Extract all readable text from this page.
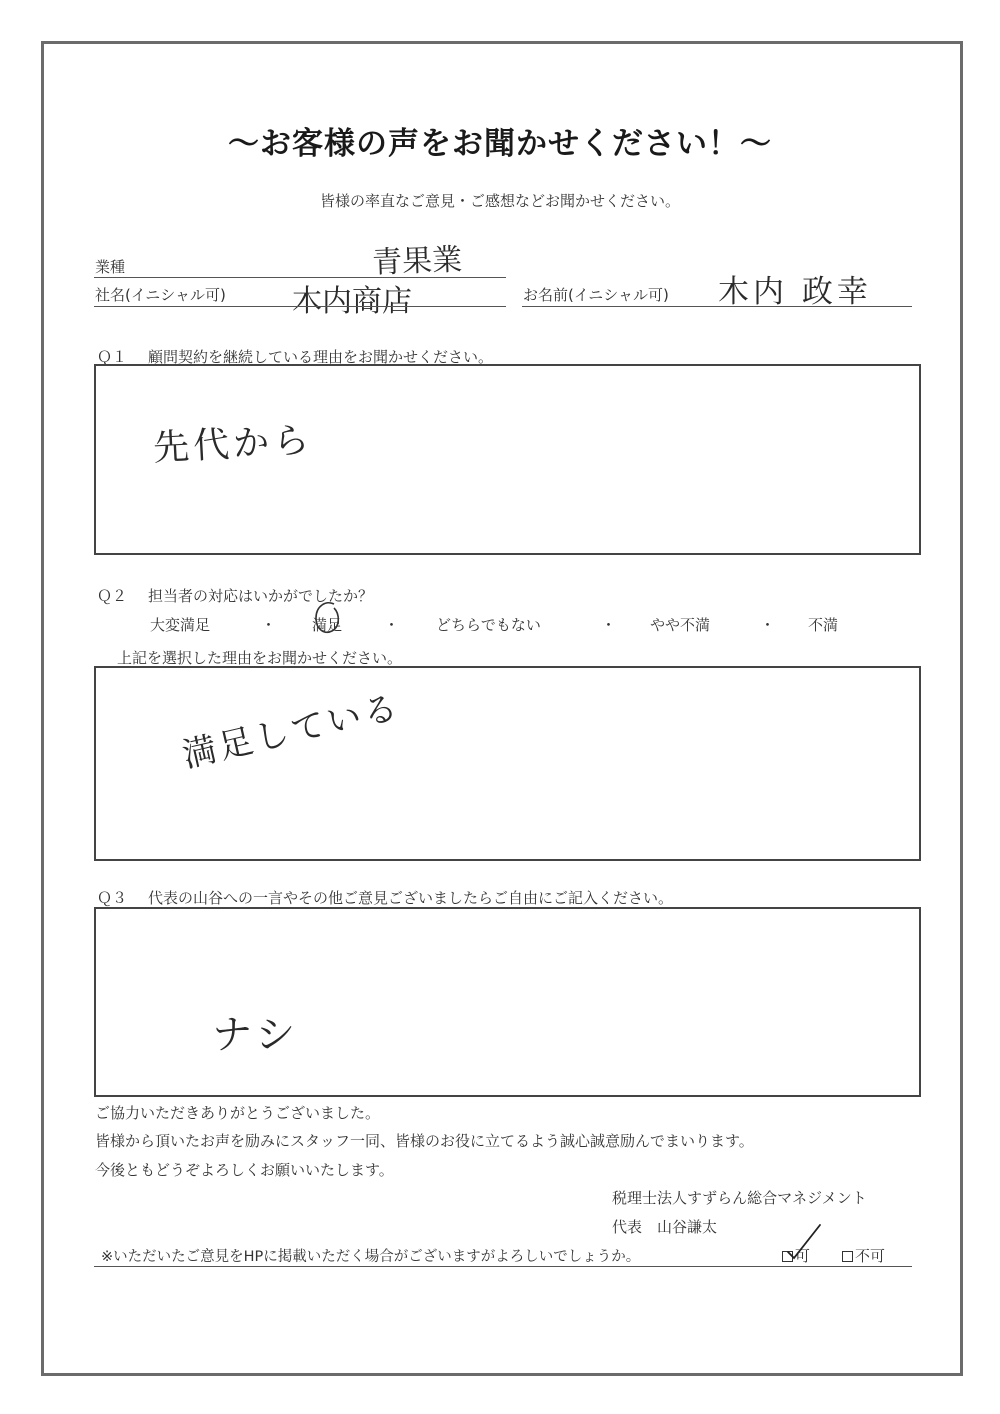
〜お客様の声をお聞かせください！〜
皆様の率直なご意見・ご感想などお聞かせください。
業種	青果業
社名(イニシャル可) 木内商店	お名前(イニシャル可) 木内 政幸
Ｑ１ 顧問契約を継続している理由をお聞かせください。
先代から
Ｑ２ 担当者の対応はいかがでしたか？
大変満足	・ 満足	・ どちらでもない	・ やや不満	・ 不満
上記を選択した理由をお聞かせください。
満足している
Ｑ３ 代表の山谷への一言やその他ご意見ございましたらご自由にご記入ください。
ナシ
ご協力いただきありがとうございました。
皆様から頂いたお声を励みにスタッフ一同、皆様のお役に立てるよう誠心誠意励んでまいります。
今後ともどうぞよろしくお願いいたします。
税理士法人すずらん総合マネジメント
代表　山谷謙太
※いただいたご意見をHPに掲載いただく場合がございますがよろしいでしょうか。	可	不可
